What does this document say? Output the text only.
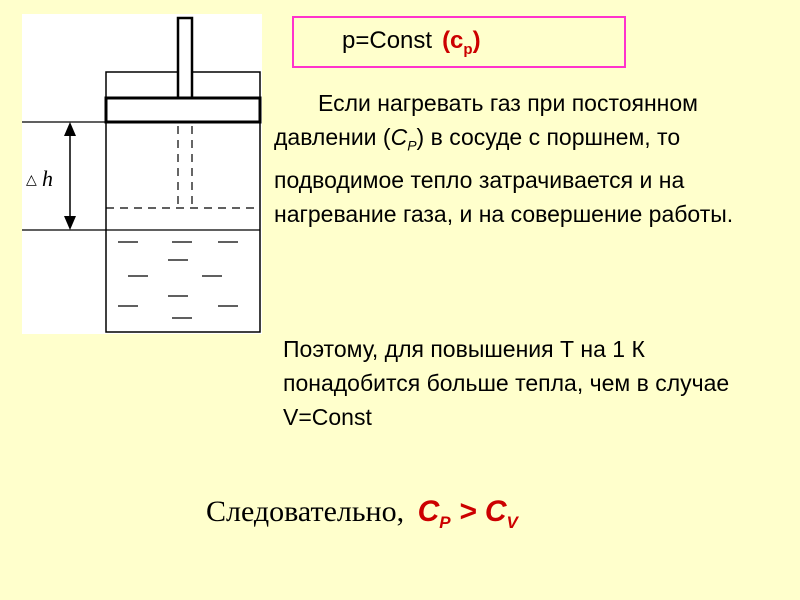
△ h
p=Const $(c_p)$
Если нагревать газ при постоянном давлении $(C_P)$ в сосуде с поршнем, то подводимое тепло затрачивается и на нагревание газа, и на совершение работы.
Поэтому, для повышения Т на 1 К понадобится больше тепла, чем в случае V=Const
Следовательно, $C_P > C_V$
